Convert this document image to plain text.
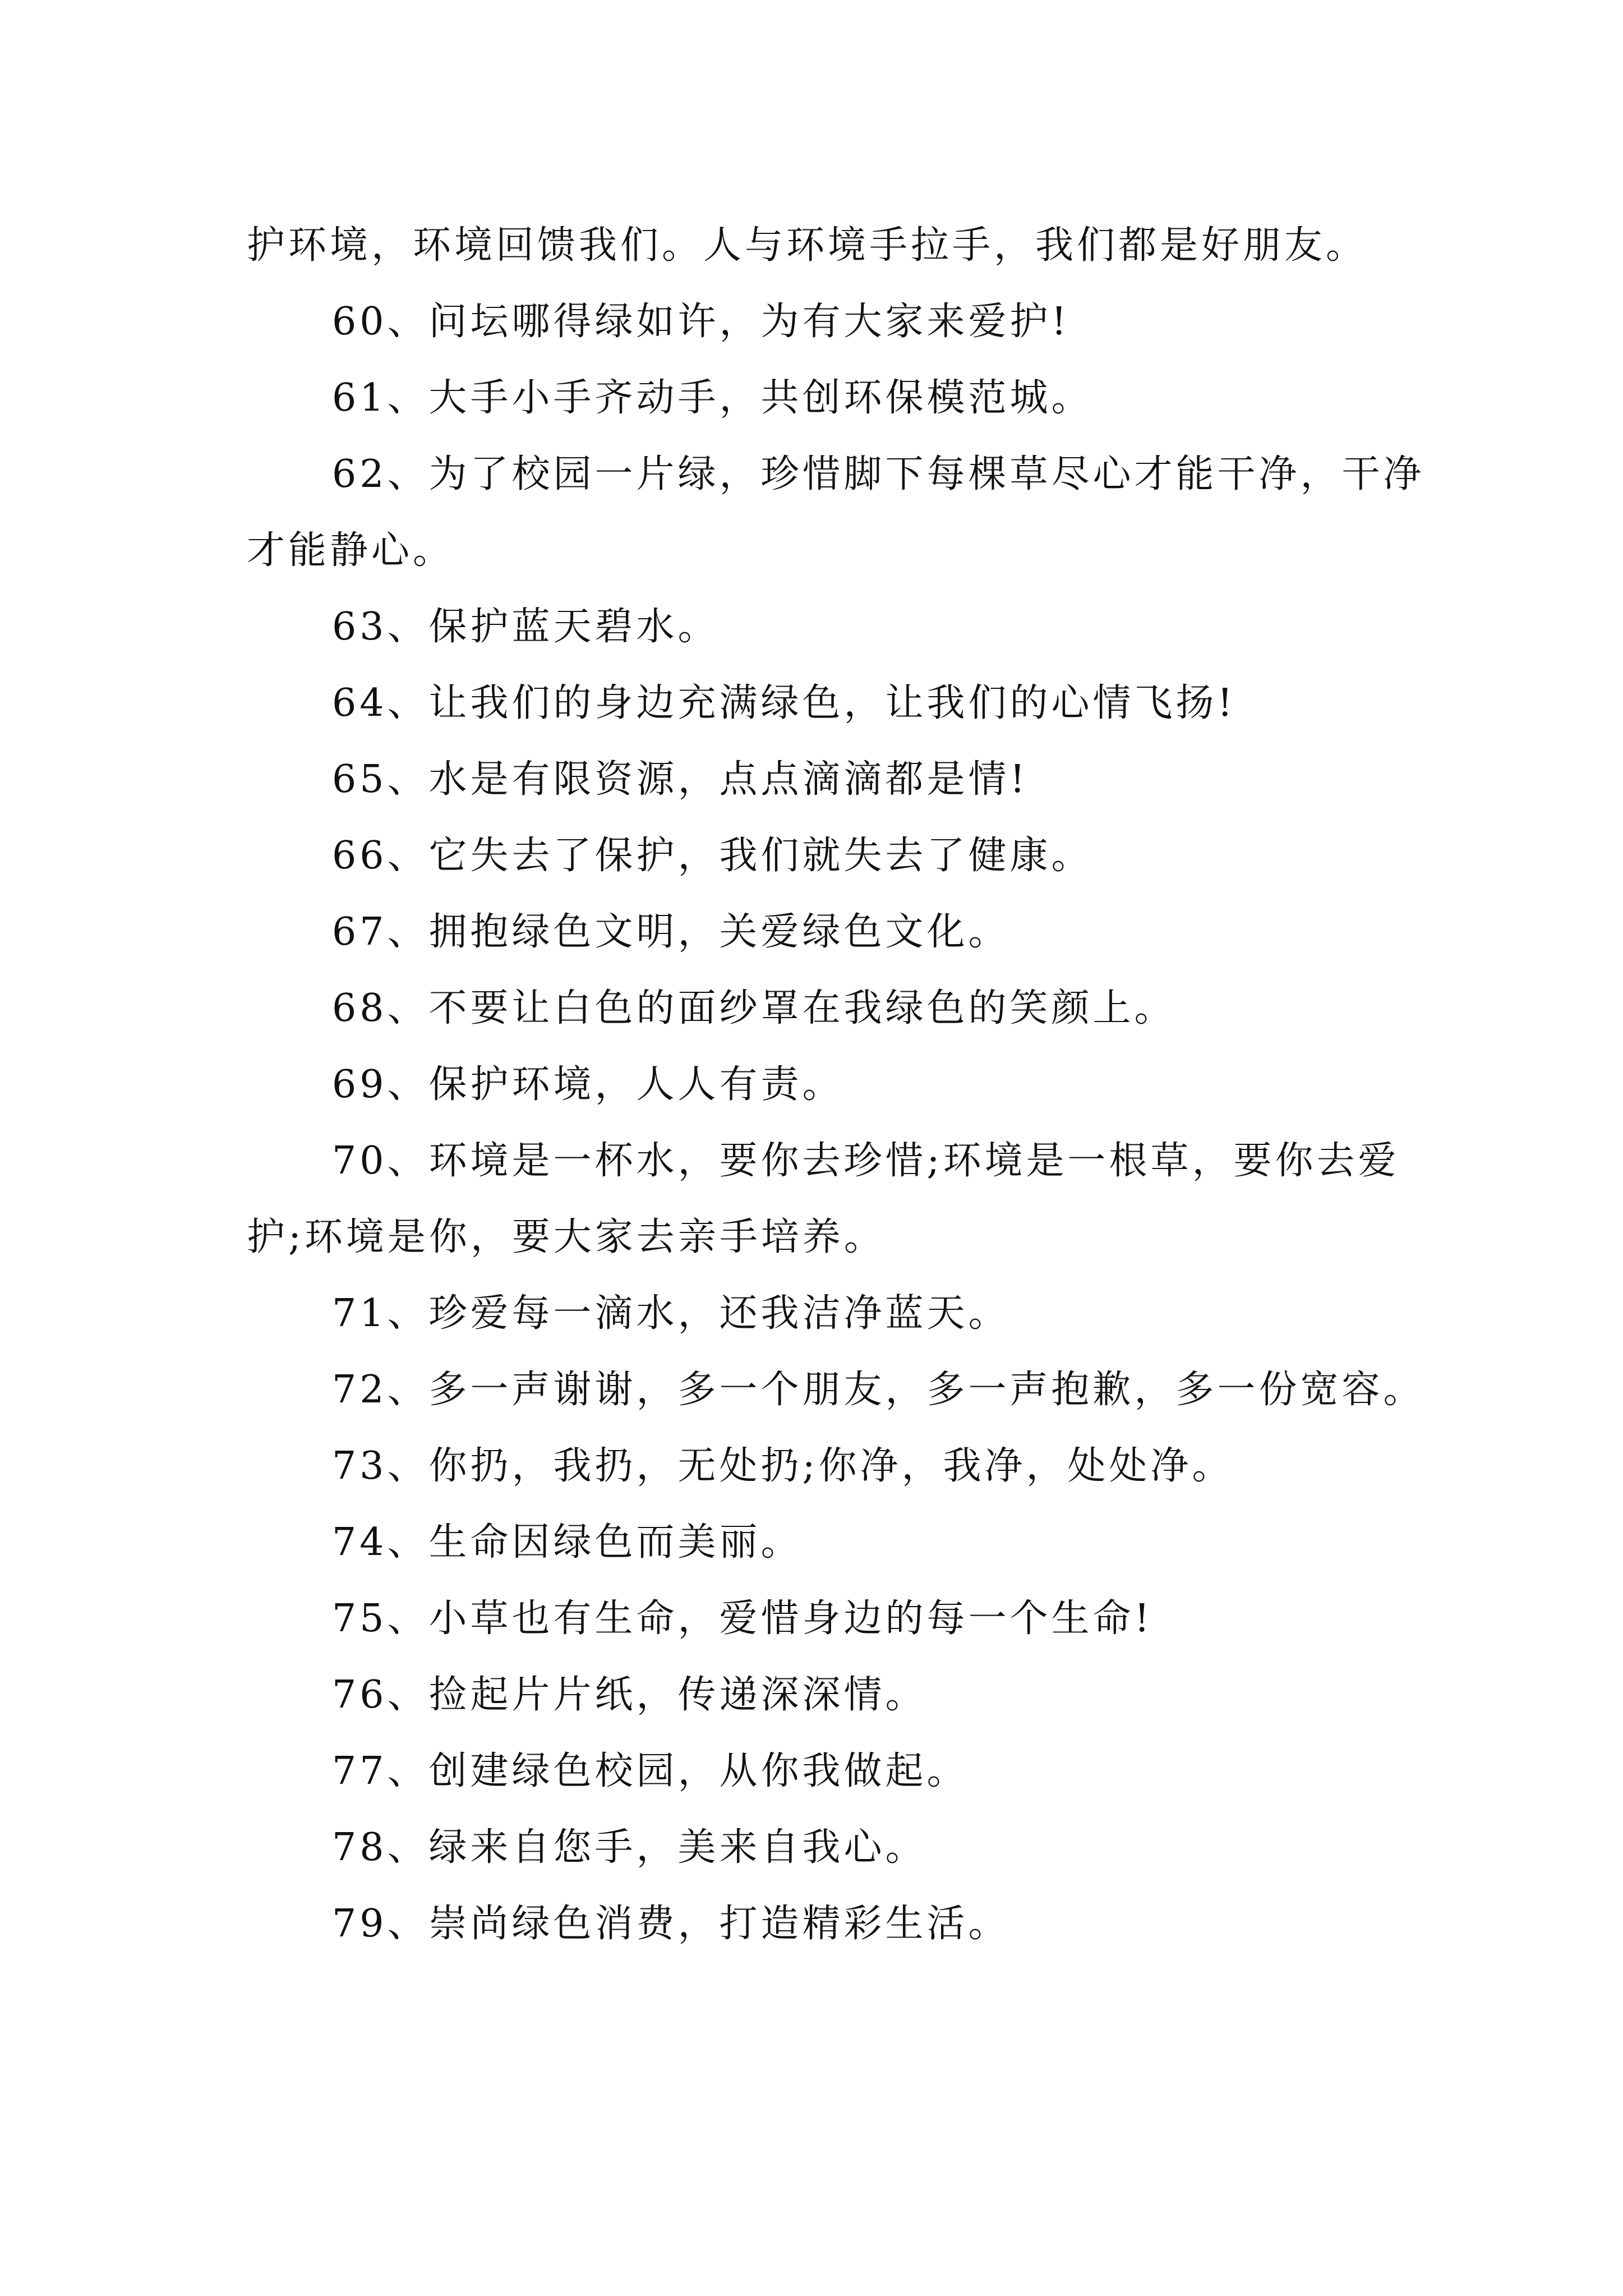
护环境，环境回馈我们。人与环境手拉手，我们都是好朋友。

60、问坛哪得绿如许，为有大家来爱护!

61、大手小手齐动手，共创环保模范城。

62、为了校园一片绿，珍惜脚下每棵草尽心才能干净，干净才能静心。

63、保护蓝天碧水。

64、让我们的身边充满绿色，让我们的心情飞扬!

65、水是有限资源，点点滴滴都是情!

66、它失去了保护，我们就失去了健康。

67、拥抱绿色文明，关爱绿色文化。

68、不要让白色的面纱罩在我绿色的笑颜上。

69、保护环境，人人有责。

70、环境是一杯水，要你去珍惜;环境是一根草，要你去爱护;环境是你，要大家去亲手培养。

71、珍爱每一滴水，还我洁净蓝天。

72、多一声谢谢，多一个朋友，多一声抱歉，多一份宽容。

73、你扔，我扔，无处扔;你净，我净，处处净。

74、生命因绿色而美丽。

75、小草也有生命，爱惜身边的每一个生命!

76、捡起片片纸，传递深深情。

77、创建绿色校园，从你我做起。

78、绿来自您手，美来自我心。

79、崇尚绿色消费，打造精彩生活。
